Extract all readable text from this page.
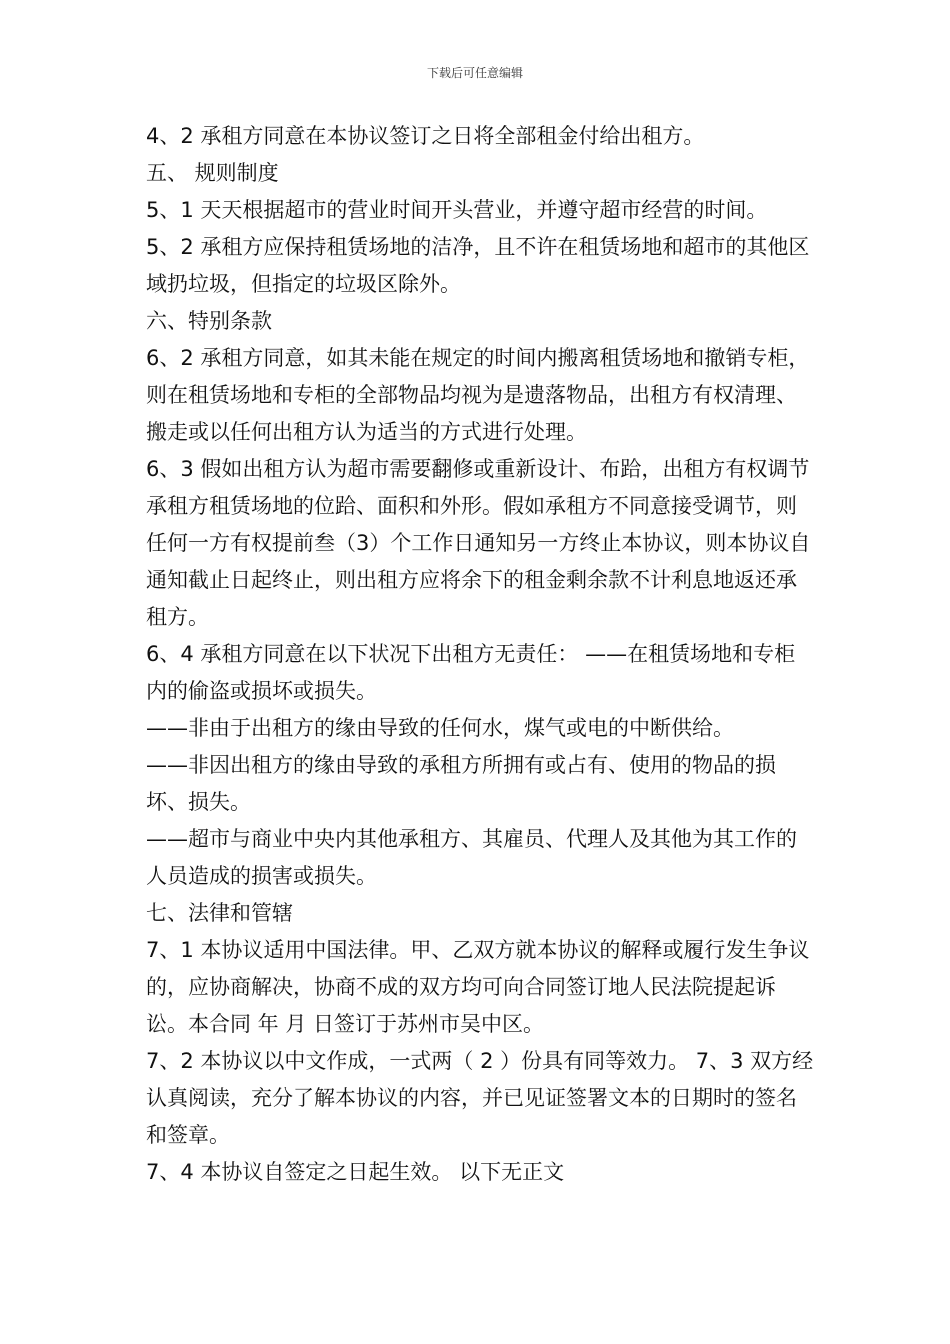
下载后可任意编辑

4、2 承租方同意在本协议签订之日将全部租金付给出租方。

五、 规则制度

5、1 天天根据超市的营业时间开头营业，并遵守超市经营的时间。

5、2 承租方应保持租赁场地的洁净，且不许在租赁场地和超市的其他区域扔垃圾，但指定的垃圾区除外。

六、特别条款

6、2 承租方同意，如其未能在规定的时间内搬离租赁场地和撤销专柜，则在租赁场地和专柜的全部物品均视为是遗落物品，出租方有权清理、搬走或以任何出租方认为适当的方式进行处理。

6、3 假如出租方认为超市需要翻修或重新设计、布跲，出租方有权调节承租方租赁场地的位跲、面积和外形。假如承租方不同意接受调节，则任何一方有权提前叁（3）个工作日通知另一方终止本协议，则本协议自通知截止日起终止，则出租方应将余下的租金剩余款不计利息地返还承租方。

6、4 承租方同意在以下状况下出租方无责任： ——在租赁场地和专柜内的偷盗或损坏或损失。

——非由于出租方的缘由导致的任何水，煤气或电的中断供给。

——非因出租方的缘由导致的承租方所拥有或占有、使用的物品的损坏、损失。

——超市与商业中央内其他承租方、其雇员、代理人及其他为其工作的人员造成的损害或损失。

七、法律和管辖

7、1 本协议适用中国法律。甲、乙双方就本协议的解释或履行发生争议的，应协商解决，协商不成的双方均可向合同签订地人民法院提起诉讼。本合同 年 月 日签订于苏州市吴中区。

7、2 本协议以中文作成，一式两（ 2 ）份具有同等效力。 7、3 双方经认真阅读，充分了解本协议的内容，并已见证签署文本的日期时的签名和签章。

7、4 本协议自签定之日起生效。 以下无正文
